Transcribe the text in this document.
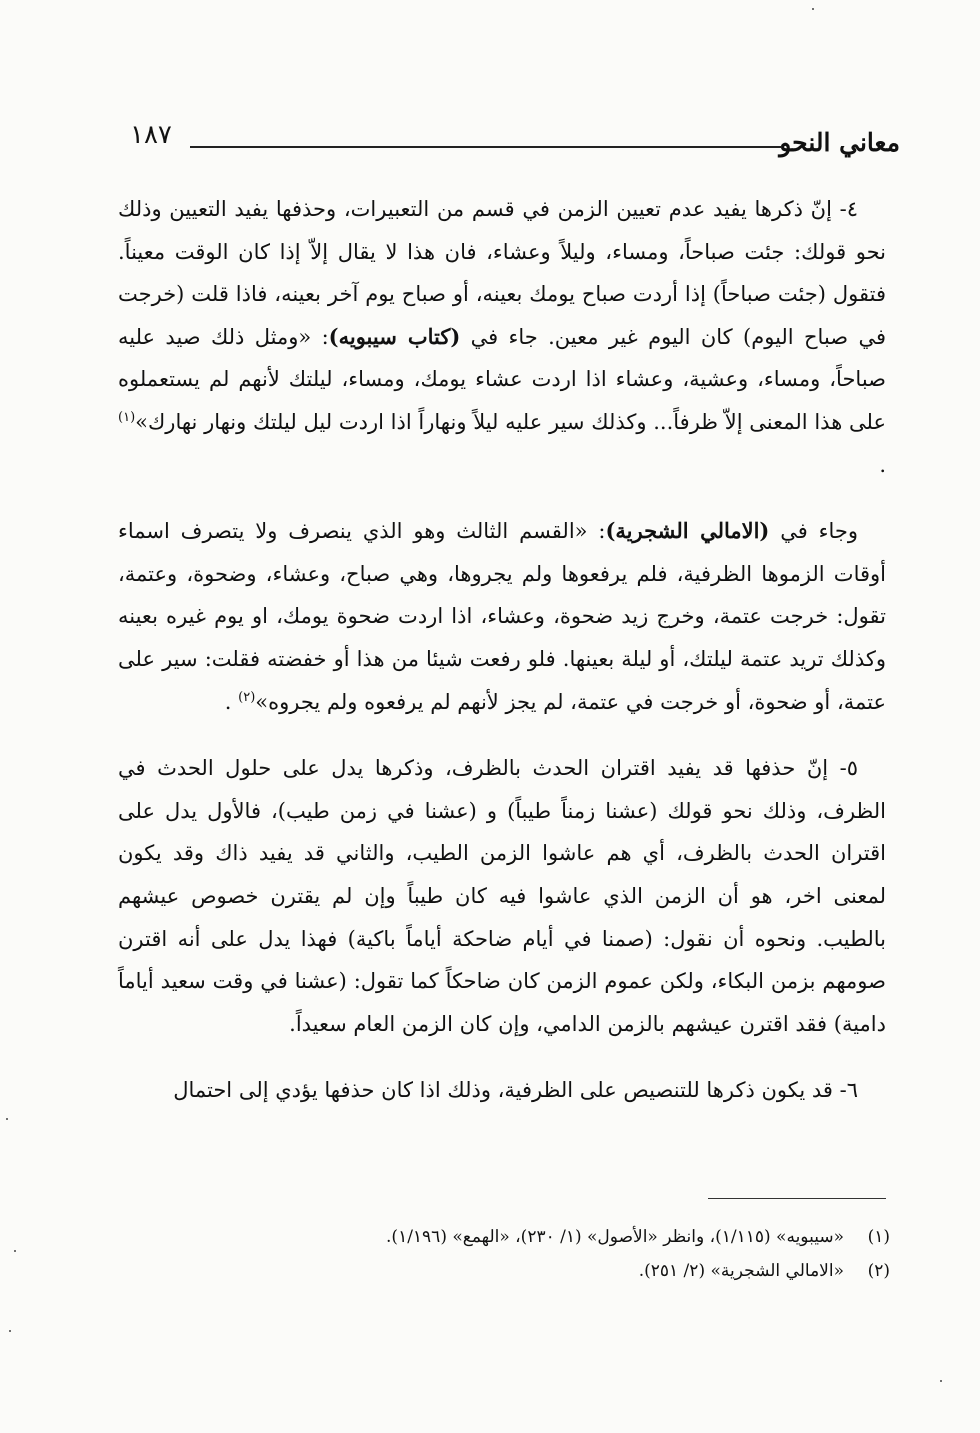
معاني النحو
١٨٧

٤- إنّ ذكرها يفيد عدم تعيين الزمن في قسم من التعبيرات، وحذفها يفيد التعيين وذلك نحو قولك: جئت صباحاً، ومساء، وليلاً وعشاء، فان هذا لا يقال إلاّ إذا كان الوقت معيناً. فتقول (جئت صباحاً) إذا أردت صباح يومك بعينه، أو صباح يوم آخر بعينه، فاذا قلت (خرجت في صباح اليوم) كان اليوم غير معين. جاء في (كتاب سيبويه): «ومثل ذلك صيد عليه صباحاً، ومساء، وعشية، وعشاء اذا اردت عشاء يومك، ومساء، ليلتك لأنهم لم يستعملوه على هذا المعنى إلاّ ظرفاً... وكذلك سير عليه ليلاً ونهاراً اذا اردت ليل ليلتك ونهار نهارك»$^{(١)}$ .

وجاء في (الامالي الشجرية): «القسم الثالث وهو الذي ينصرف ولا يتصرف اسماء أوقات الزموها الظرفية، فلم يرفعوها ولم يجروها، وهي صباح، وعشاء، وضحوة، وعتمة، تقول: خرجت عتمة، وخرج زيد ضحوة، وعشاء، اذا اردت ضحوة يومك، او يوم غيره بعينه وكذلك تريد عتمة ليلتك، أو ليلة بعينها. فلو رفعت شيئا من هذا أو خفضته فقلت: سير على عتمة، أو ضحوة، أو خرجت في عتمة، لم يجز لأنهم لم يرفعوه ولم يجروه»$^{(٢)}$ .

٥- إنّ حذفها قد يفيد اقتران الحدث بالظرف، وذكرها يدل على حلول الحدث في الظرف، وذلك نحو قولك (عشنا زمناً طيباً) و (عشنا في زمن طيب)، فالأول يدل على اقتران الحدث بالظرف، أي هم عاشوا الزمن الطيب، والثاني قد يفيد ذاك وقد يكون لمعنى اخر، هو أن الزمن الذي عاشوا فيه كان طيباً وإن لم يقترن خصوص عيشهم بالطيب. ونحوه أن نقول: (صمنا في أيام ضاحكة أياماً باكية) فهذا يدل على أنه اقترن صومهم بزمن البكاء، ولكن عموم الزمن كان ضاحكاً كما تقول: (عشنا في وقت سعيد أياماً دامية) فقد اقترن عيشهم بالزمن الدامي، وإن كان الزمن العام سعيداً.

٦- قد يكون ذكرها للتنصيص على الظرفية، وذلك اذا كان حذفها يؤدي إلى احتمال

(١)
«سيبويه» (١/١١٥)، وانظر «الأصول» (١/ ٢٣٠)، «الهمع» (١/١٩٦).
(٢)
«الامالي الشجرية» (٢/ ٢٥١).
